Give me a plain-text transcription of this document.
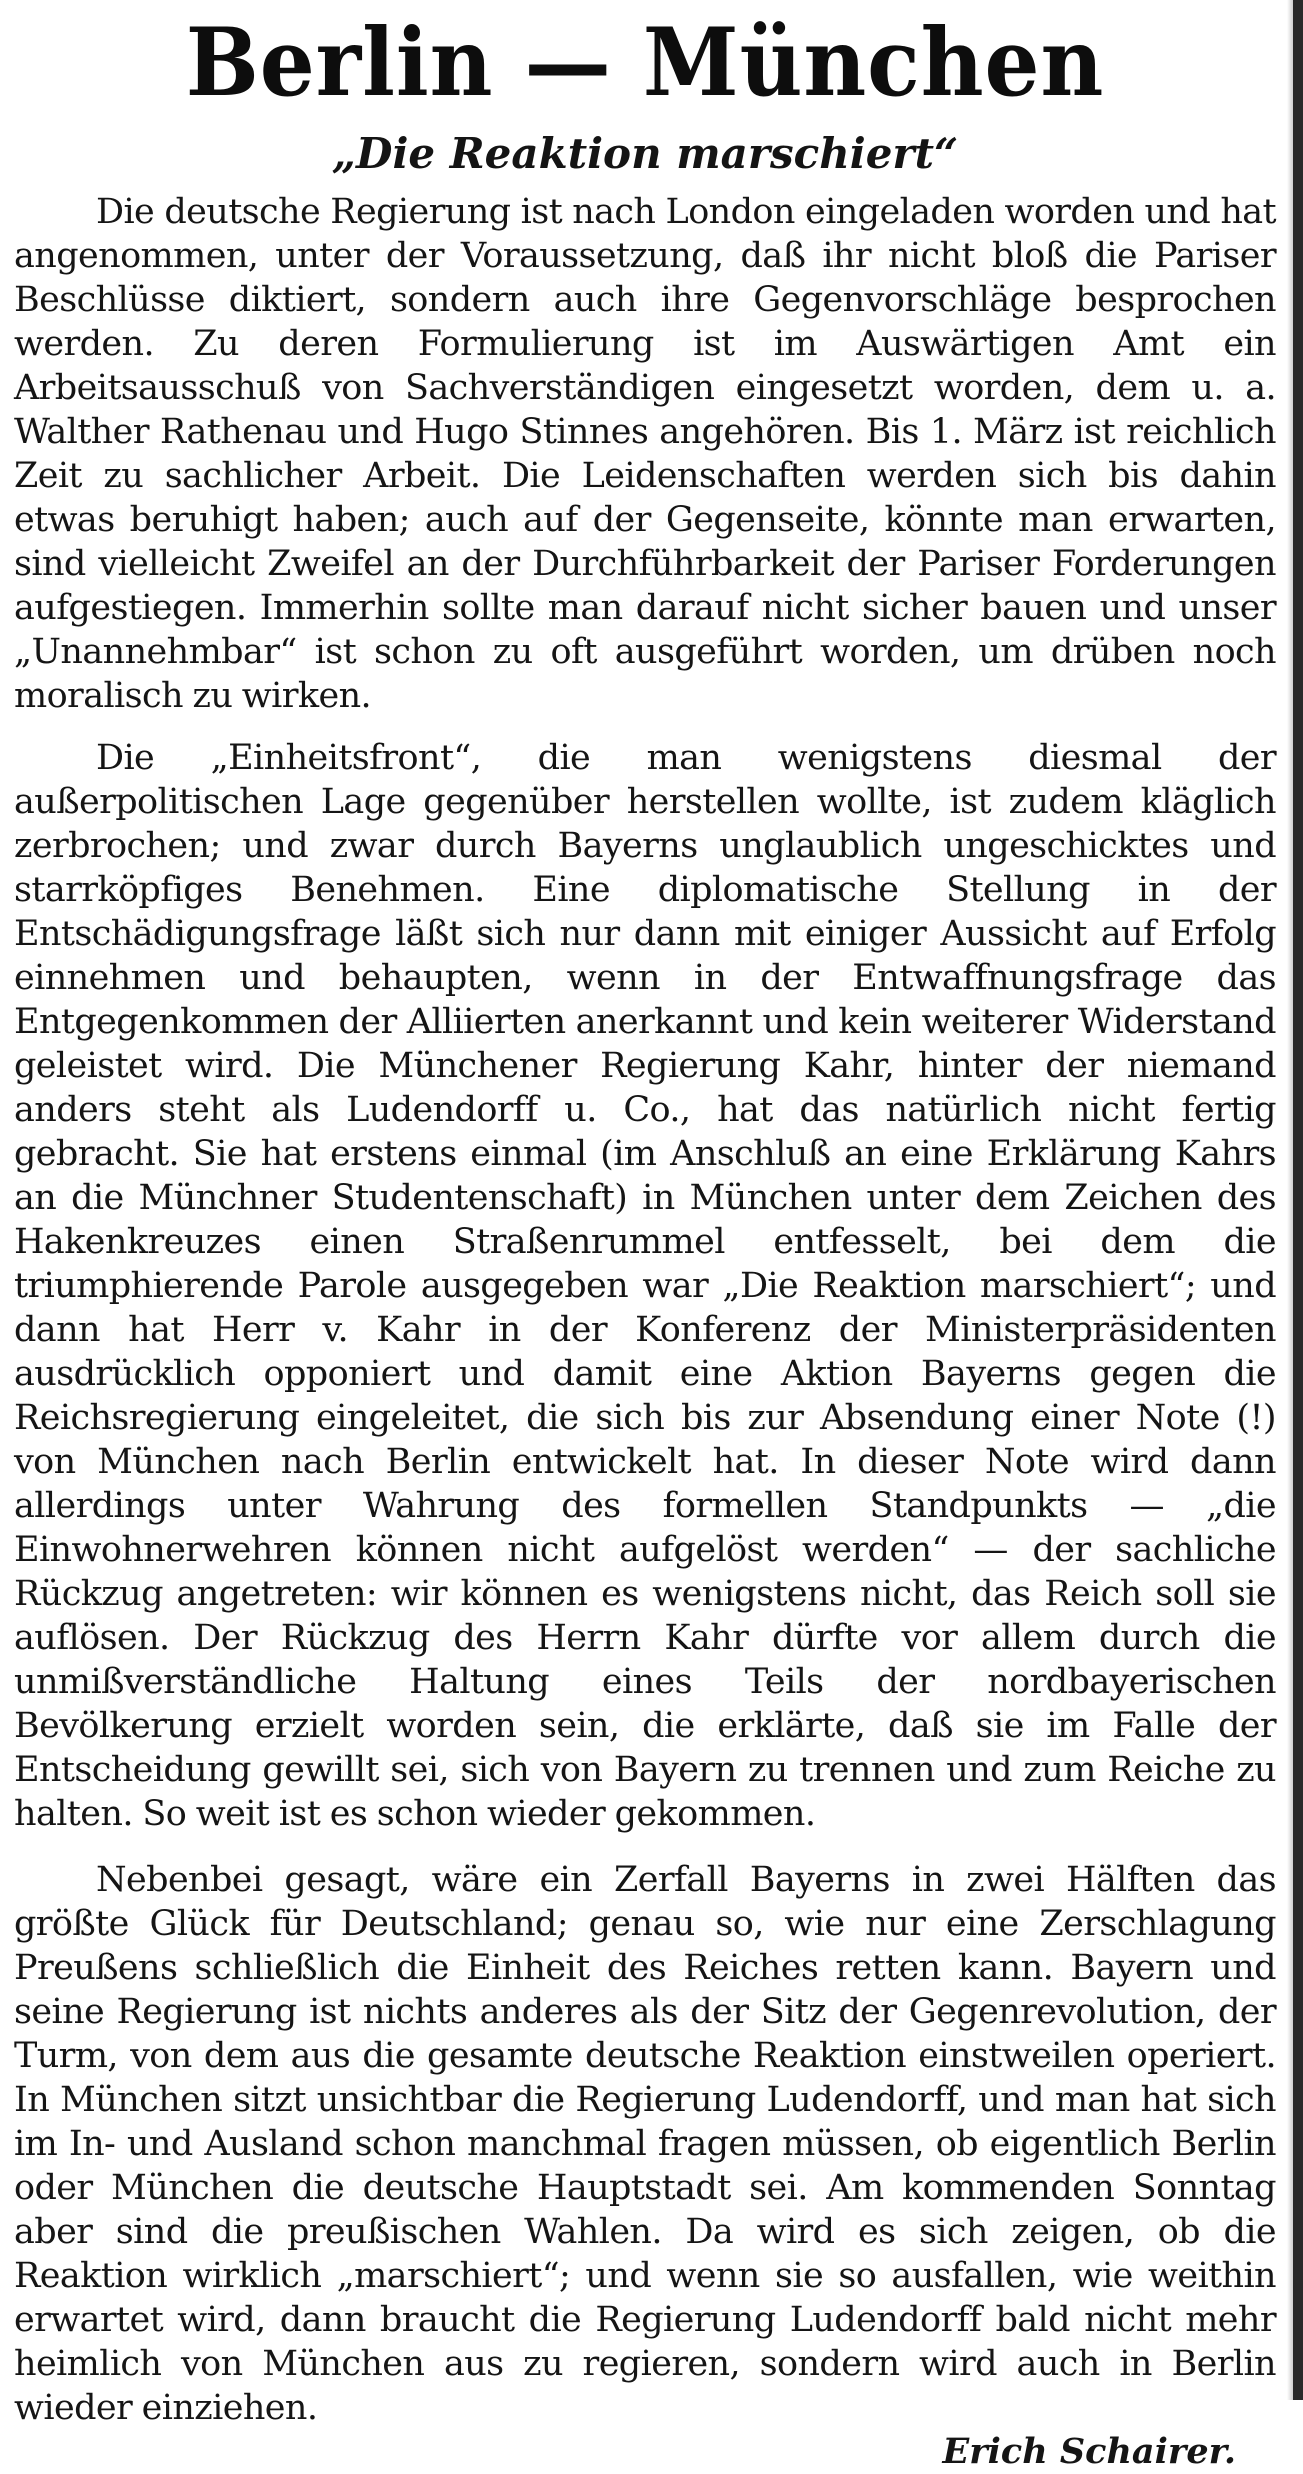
Berlin — München
„Die Reaktion marschiert“

Die deutsche Regierung ist nach London eingeladen worden und hat angenommen, unter der Voraussetzung, daß ihr nicht bloß die Pariser Beschlüsse diktiert, sondern auch ihre Gegenvorschläge besprochen werden. Zu deren Formulierung ist im Auswärtigen Amt ein Arbeitsausschuß von Sachverständigen eingesetzt worden, dem u. a. Walther Rathenau und Hugo Stinnes angehören. Bis 1. März ist reichlich Zeit zu sachlicher Arbeit. Die Leidenschaften werden sich bis dahin etwas beruhigt haben; auch auf der Gegenseite, könnte man erwarten, sind vielleicht Zweifel an der Durchführbarkeit der Pariser Forderungen aufgestiegen. Immerhin sollte man darauf nicht sicher bauen und unser „Unannehmbar“ ist schon zu oft ausgeführt worden, um drüben noch moralisch zu wirken.

Die „Einheitsfront“, die man wenigstens diesmal der außerpolitischen Lage gegenüber herstellen wollte, ist zudem kläglich zerbrochen; und zwar durch Bayerns unglaublich ungeschicktes und starrköpfiges Benehmen. Eine diplomatische Stellung in der Entschädigungsfrage läßt sich nur dann mit einiger Aussicht auf Erfolg einnehmen und behaupten, wenn in der Entwaffnungsfrage das Entgegenkommen der Alliierten anerkannt und kein weiterer Widerstand geleistet wird. Die Münchener Regierung Kahr, hinter der niemand anders steht als Ludendorff u. Co., hat das natürlich nicht fertig gebracht. Sie hat erstens einmal (im Anschluß an eine Erklärung Kahrs an die Münchner Studentenschaft) in München unter dem Zeichen des Hakenkreuzes einen Straßenrummel entfesselt, bei dem die triumphierende Parole ausgegeben war „Die Reaktion marschiert“; und dann hat Herr v. Kahr in der Konferenz der Ministerpräsidenten ausdrücklich opponiert und damit eine Aktion Bayerns gegen die Reichsregierung eingeleitet, die sich bis zur Absendung einer Note (!) von München nach Berlin entwickelt hat. In dieser Note wird dann allerdings unter Wahrung des formellen Standpunkts — „die Einwohnerwehren können nicht aufgelöst werden“ — der sachliche Rückzug angetreten: wir können es wenigstens nicht, das Reich soll sie auflösen. Der Rückzug des Herrn Kahr dürfte vor allem durch die unmißverständliche Haltung eines Teils der nordbayerischen Bevölkerung erzielt worden sein, die erklärte, daß sie im Falle der Entscheidung gewillt sei, sich von Bayern zu trennen und zum Reiche zu halten. So weit ist es schon wieder gekommen.

Nebenbei gesagt, wäre ein Zerfall Bayerns in zwei Hälften das größte Glück für Deutschland; genau so, wie nur eine Zerschlagung Preußens schließlich die Einheit des Reiches retten kann. Bayern und seine Regierung ist nichts anderes als der Sitz der Gegenrevolution, der Turm, von dem aus die gesamte deutsche Reaktion einstweilen operiert. In München sitzt unsichtbar die Regierung Ludendorff, und man hat sich im In- und Ausland schon manchmal fragen müssen, ob eigentlich Berlin oder München die deutsche Hauptstadt sei. Am kommenden Sonntag aber sind die preußischen Wahlen. Da wird es sich zeigen, ob die Reaktion wirklich „marschiert“; und wenn sie so ausfallen, wie weithin erwartet wird, dann braucht die Regierung Ludendorff bald nicht mehr heimlich von München aus zu regieren, sondern wird auch in Berlin wieder einziehen.

Erich Schairer.
